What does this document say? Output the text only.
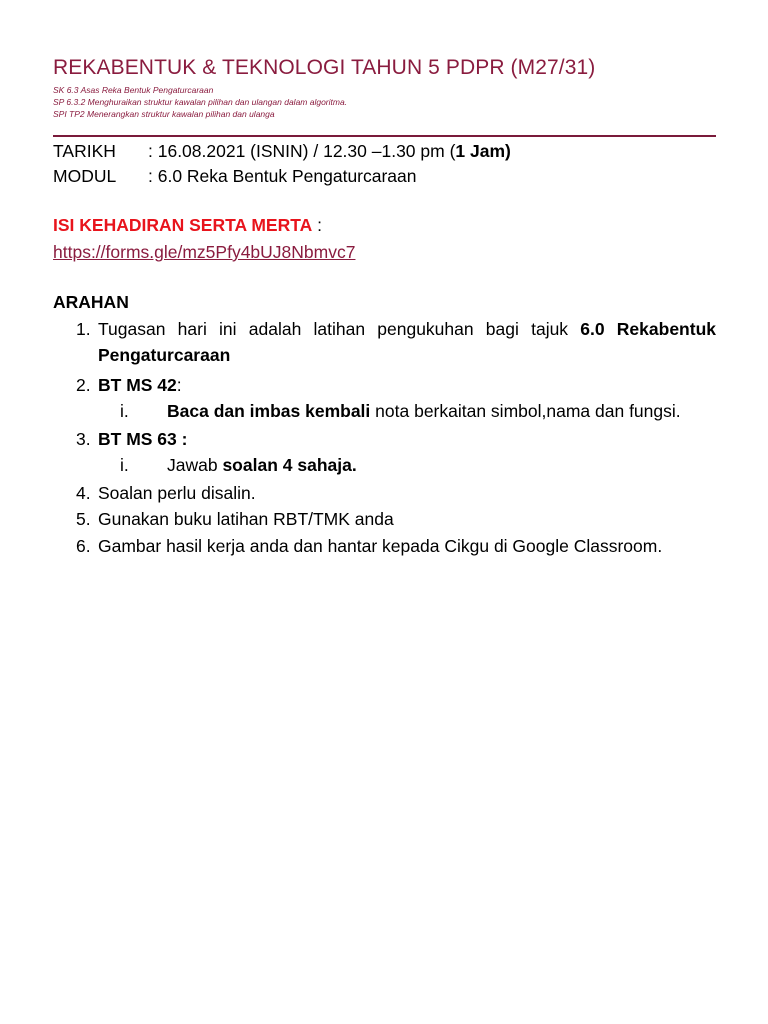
REKABENTUK & TEKNOLOGI TAHUN 5 PDPR (M27/31)
SK 6.3 Asas Reka Bentuk Pengaturcaraan
SP 6.3.2 Menghuraikan struktur kawalan pilihan dan ulangan dalam algoritma.
SPI TP2 Menerangkan struktur kawalan pilihan dan ulanga
TARIKH : 16.08.2021 (ISNIN) / 12.30 –1.30 pm (1 Jam)
MODUL : 6.0 Reka Bentuk Pengaturcaraan
ISI KEHADIRAN SERTA MERTA :
https://forms.gle/mz5Pfy4bUJ8Nbmvc7
ARAHAN
1. Tugasan hari ini adalah latihan pengukuhan bagi tajuk 6.0 Rekabentuk
Pengaturcaraan
2. BT MS 42:
i. Baca dan imbas kembali nota berkaitan simbol,nama dan fungsi.
3. BT MS 63 :
i. Jawab soalan 4 sahaja.
4. Soalan perlu disalin.
5. Gunakan buku latihan RBT/TMK anda
6. Gambar hasil kerja anda dan hantar kepada Cikgu di Google Classroom.
